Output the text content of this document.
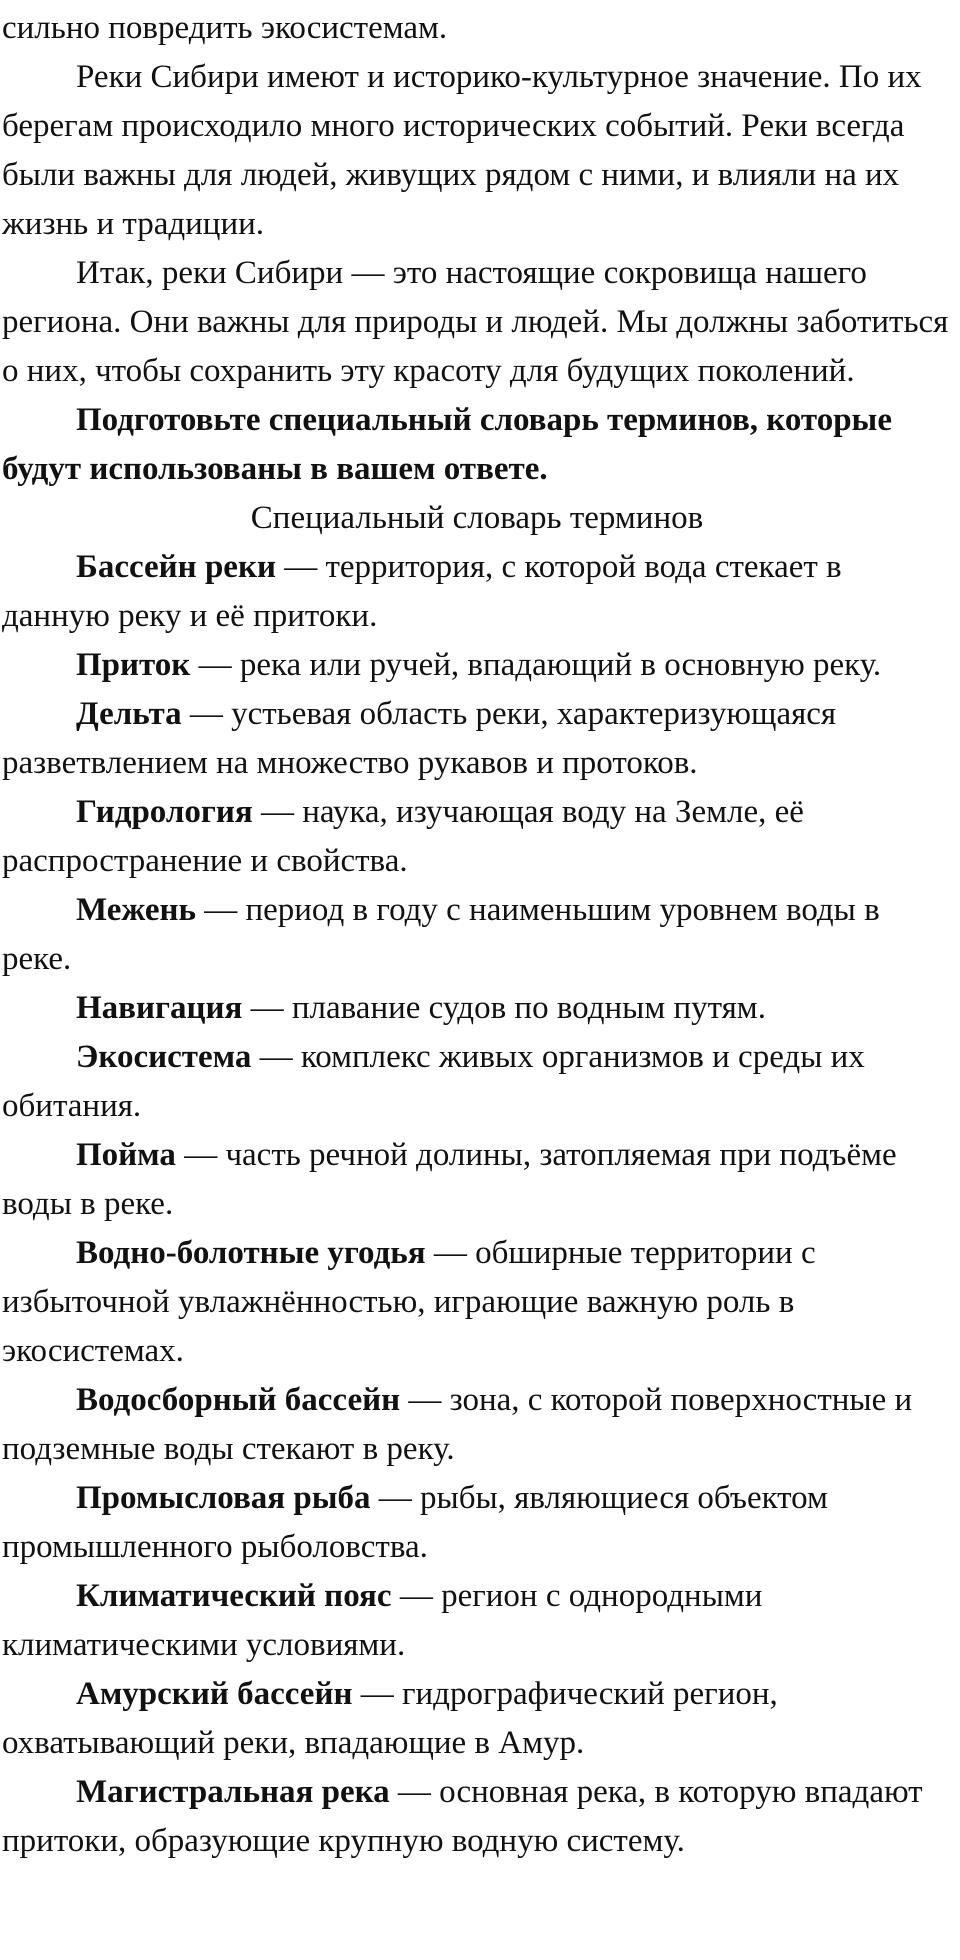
сильно повредить экосистемам.

Реки Сибири имеют и историко-культурное значение. По их берегам происходило много исторических событий. Реки всегда были важны для людей, живущих рядом с ними, и влияли на их жизнь и традиции.

Итак, реки Сибири — это настоящие сокровища нашего региона. Они важны для природы и людей. Мы должны заботиться о них, чтобы сохранить эту красоту для будущих поколений.

Подготовьте специальный словарь терминов, которые будут использованы в вашем ответе.

Специальный словарь терминов

Бассейн реки — территория, с которой вода стекает в данную реку и её притоки.

Приток — река или ручей, впадающий в основную реку.

Дельта — устьевая область реки, характеризующаяся разветвлением на множество рукавов и протоков.

Гидрология — наука, изучающая воду на Земле, её распространение и свойства.

Межень — период в году с наименьшим уровнем воды в реке.

Навигация — плавание судов по водным путям.

Экосистема — комплекс живых организмов и среды их обитания.

Пойма — часть речной долины, затопляемая при подъёме воды в реке.

Водно-болотные угодья — обширные территории с избыточной увлажнённостью, играющие важную роль в экосистемах.

Водосборный бассейн — зона, с которой поверхностные и подземные воды стекают в реку.

Промысловая рыба — рыбы, являющиеся объектом промышленного рыболовства.

Климатический пояс — регион с однородными климатическими условиями.

Амурский бассейн — гидрографический регион, охватывающий реки, впадающие в Амур.

Магистральная река — основная река, в которую впадают притоки, образующие крупную водную систему.
